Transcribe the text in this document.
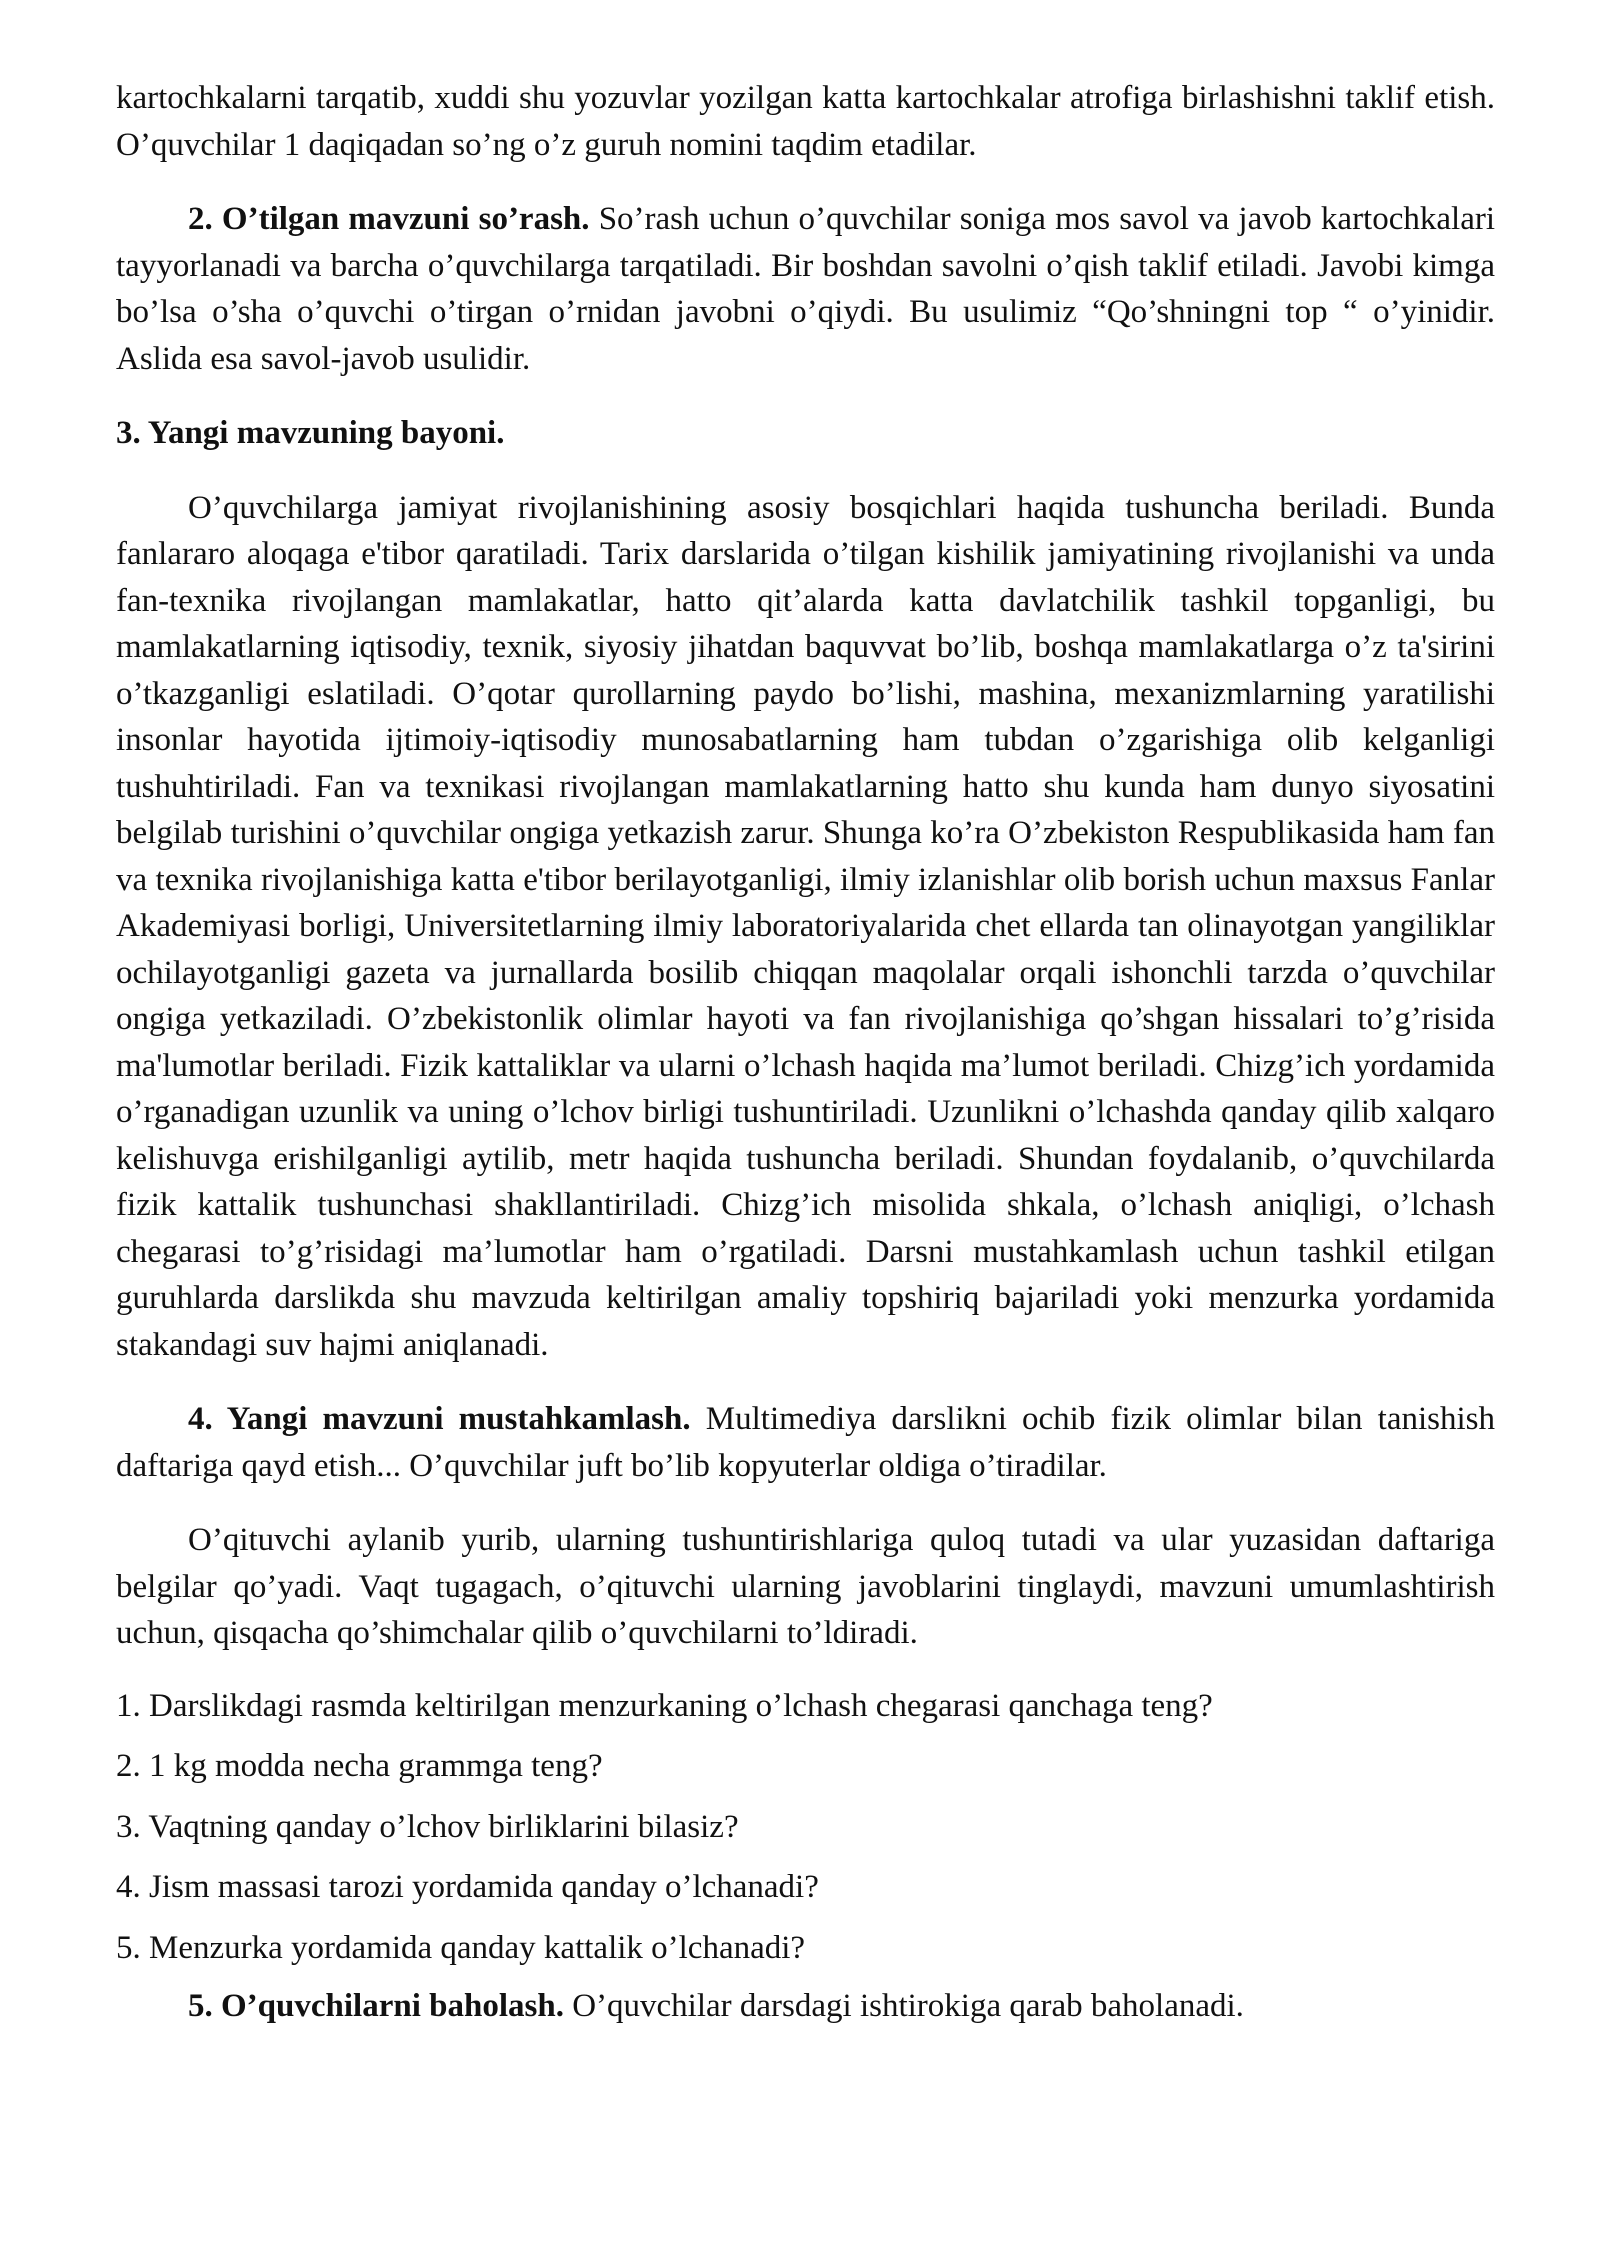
kartochkalarni tarqatib, xuddi shu yozuvlar yozilgan katta kartochkalar atrofiga birlashishni taklif etish. O’quvchilar 1 daqiqadan so’ng o’z guruh nomini taqdim etadilar.

2. O’tilgan mavzuni so’rash. So’rash uchun o’quvchilar soniga mos savol va javob kartochkalari tayyorlanadi va barcha o’quvchilarga tarqatiladi. Bir boshdan savolni o’qish taklif etiladi. Javobi kimga bo’lsa o’sha o’quvchi o’tirgan o’rnidan javobni o’qiydi. Bu usulimiz “Qo’shningni top “ o’yinidir. Aslida esa savol-javob usulidir.

3. Yangi mavzuning bayoni.

O’quvchilarga jamiyat rivojlanishining asosiy bosqichlari haqida tushuncha beriladi. Bunda fanlararo aloqaga e'tibor qaratiladi. Tarix darslarida o’tilgan kishilik jamiyatining rivojlanishi va unda fan-texnika rivojlangan mamlakatlar, hatto qit’alarda katta davlatchilik tashkil topganligi, bu mamlakatlarning iqtisodiy, texnik, siyosiy jihatdan baquvvat bo’lib, boshqa mamlakatlarga o’z ta'sirini o’tkazganligi eslatiladi. O’qotar qurollarning paydo bo’lishi, mashina, mexanizmlarning yaratilishi insonlar hayotida ijtimoiy-iqtisodiy munosabatlarning ham tubdan o’zgarishiga olib kelganligi tushuhtiriladi. Fan va texnikasi rivojlangan mamlakatlarning hatto shu kunda ham dunyo siyosatini belgilab turishini o’quvchilar ongiga yetkazish zarur. Shunga ko’ra O’zbekiston Respublikasida ham fan va texnika rivojlanishiga katta e'tibor berilayotganligi, ilmiy izlanishlar olib borish uchun maxsus Fanlar Akademiyasi borligi, Universitetlarning ilmiy laboratoriyalarida chet ellarda tan olinayotgan yangiliklar ochilayotganligi gazeta va jurnallarda bosilib chiqqan maqolalar orqali ishonchli tarzda o’quvchilar ongiga yetkaziladi. O’zbekistonlik olimlar hayoti va fan rivojlanishiga qo’shgan hissalari to’g’risida ma'lumotlar beriladi. Fizik kattaliklar va ularni o’lchash haqida ma’lumot beriladi. Chizg’ich yordamida o’rganadigan uzunlik va uning o’lchov birligi tushuntiriladi. Uzunlikni o’lchashda qanday qilib xalqaro kelishuvga erishilganligi aytilib, metr haqida tushuncha beriladi. Shundan foydalanib, o’quvchilarda fizik kattalik tushunchasi shakllantiriladi. Chizg’ich misolida shkala, o’lchash aniqligi, o’lchash chegarasi to’g’risidagi ma’lumotlar ham o’rgatiladi. Darsni mustahkamlash uchun tashkil etilgan guruhlarda darslikda shu mavzuda keltirilgan amaliy topshiriq bajariladi yoki menzurka yordamida stakandagi suv hajmi aniqlanadi.

4. Yangi mavzuni mustahkamlash. Multimediya darslikni ochib fizik olimlar bilan tanishish daftariga qayd etish... O’quvchilar juft bo’lib kopyuterlar oldiga o’tiradilar.

O’qituvchi aylanib yurib, ularning tushuntirishlariga quloq tutadi va ular yuzasidan daftariga belgilar qo’yadi. Vaqt tugagach, o’qituvchi ularning javoblarini tinglaydi, mavzuni umumlashtirish uchun, qisqacha qo’shimchalar qilib o’quvchilarni to’ldiradi.

1. Darslikdagi rasmda keltirilgan menzurkaning o’lchash chegarasi qanchaga teng?

2. 1 kg modda necha grammga teng?

3. Vaqtning qanday o’lchov birliklarini bilasiz?

4. Jism massasi tarozi yordamida qanday o’lchanadi?

5. Menzurka yordamida qanday kattalik o’lchanadi?

5. O’quvchilarni baholash. O’quvchilar darsdagi ishtirokiga qarab baholanadi.
